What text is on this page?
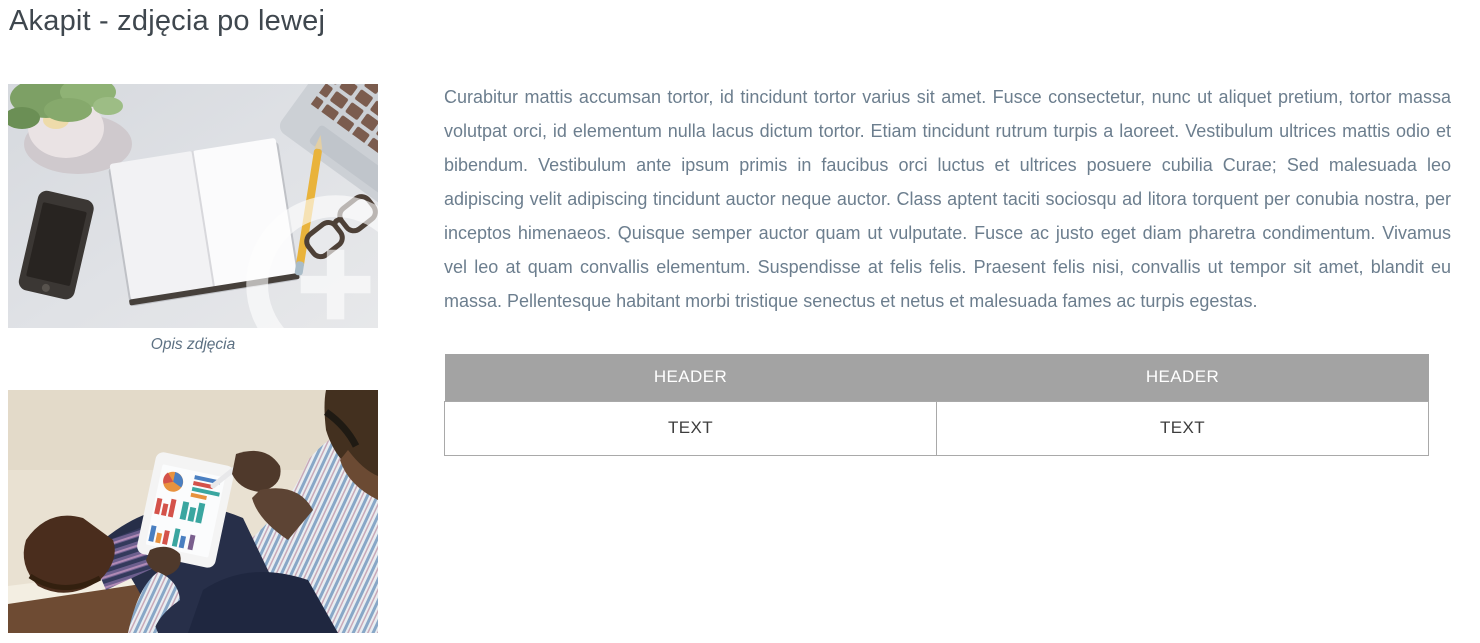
Akapit - zdjęcia po lewej
Opis zdjęcia

Curabitur mattis accumsan tortor, id tincidunt tortor varius sit amet. Fusce consectetur, nunc ut aliquet pretium, tortor massa volutpat orci, id elementum nulla lacus dictum tortor. Etiam tincidunt rutrum turpis a laoreet. Vestibulum ultrices mattis odio et bibendum. Vestibulum ante ipsum primis in faucibus orci luctus et ultrices posuere cubilia Curae; Sed malesuada leo adipiscing velit adipiscing tincidunt auctor neque auctor. Class aptent taciti sociosqu ad litora torquent per conubia nostra, per inceptos himenaeos. Quisque semper auctor quam ut vulputate. Fusce ac justo eget diam pharetra condimentum. Vivamus vel leo at quam convallis elementum. Suspendisse at felis felis. Praesent felis nisi, convallis ut tempor sit amet, blandit eu massa. Pellentesque habitant morbi tristique senectus et netus et malesuada fames ac turpis egestas.

HEADER	HEADER
TEXT	TEXT
